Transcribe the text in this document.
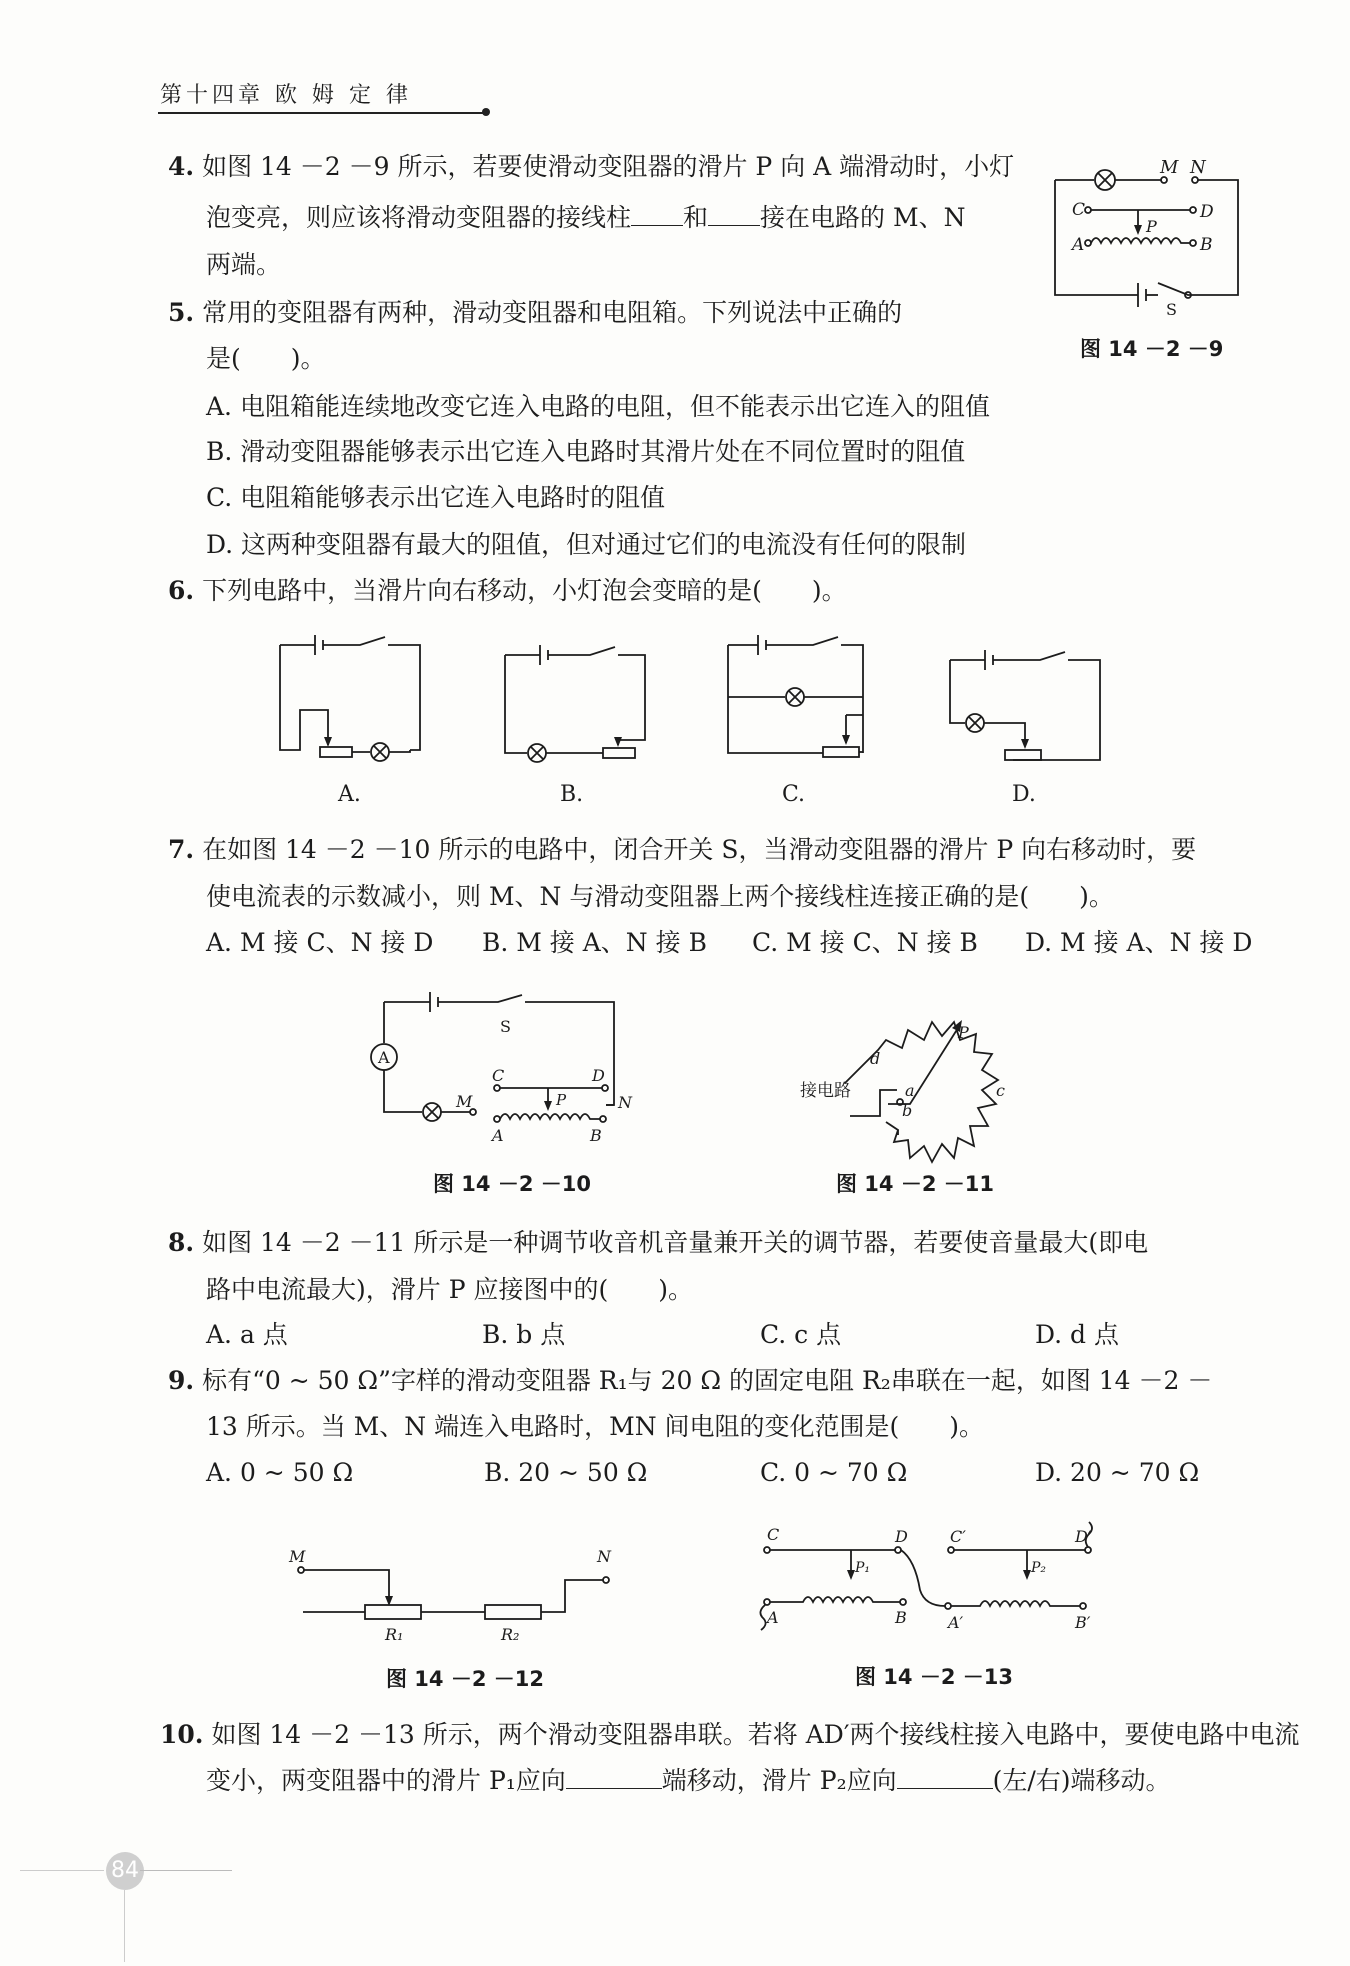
第十四章 欧 姆 定 律
4. 如图 14 －2 －9 所示，若要使滑动变阻器的滑片 P 向 A 端滑动时，小灯
泡变亮，则应该将滑动变阻器的接线柱 和 接在电路的 M、N
两端。
M N
C	D
P
A	B
S
图 14 －2 －9
5. 常用的变阻器有两种，滑动变阻器和电阻箱。下列说法中正确的
是(　　)。
A. 电阻箱能连续地改变它连入电路的电阻，但不能表示出它连入的阻值
B. 滑动变阻器能够表示出它连入电路时其滑片处在不同位置时的阻值
C. 电阻箱能够表示出它连入电路时的阻值
D. 这两种变阻器有最大的阻值，但对通过它们的电流没有任何的限制
6. 下列电路中，当滑片向右移动，小灯泡会变暗的是(　　)。
A.	B.	C.	D.
7. 在如图 14 －2 －10 所示的电路中，闭合开关 S，当滑动变阻器的滑片 P 向右移动时，要
使电流表的示数减小，则 M、N 与滑动变阻器上两个接线柱连接正确的是(　　)。
A. M 接 C、N 接 D B. M 接 A、N 接 B C. M 接 C、N 接 B D. M 接 A、N 接 D
S
A
C	D
M	N
P
A	B
图 14 －2 －10
接电路	a
b
c
d
P
图 14 －2 －11
8. 如图 14 －2 －11 所示是一种调节收音机音量兼开关的调节器，若要使音量最大(即电
路中电流最大)，滑片 P 应接图中的(　　)。
A. a 点	B. b 点	C. c 点	D. d 点
9. 标有“0 ~ 50 Ω”字样的滑动变阻器 R₁与 20 Ω 的固定电阻 R₂串联在一起，如图 14 －2 －
13 所示。当 M、N 端连入电路时，MN 间电阻的变化范围是(　　)。
A. 0 ~ 50 Ω	B. 20 ~ 50 Ω	C. 0 ~ 70 Ω	D. 20 ~ 70 Ω
M	N
R₁	R₂
图 14 －2 －12
C	D	C′	D′
P₁	P₂
A	B	A′	B′
图 14 －2 －13
10. 如图 14 －2 －13 所示，两个滑动变阻器串联。若将 AD′两个接线柱接入电路中，要使电路中电流
变小，两变阻器中的滑片 P₁应向	端移动，滑片 P₂应向	(左/右)端移动。
84
